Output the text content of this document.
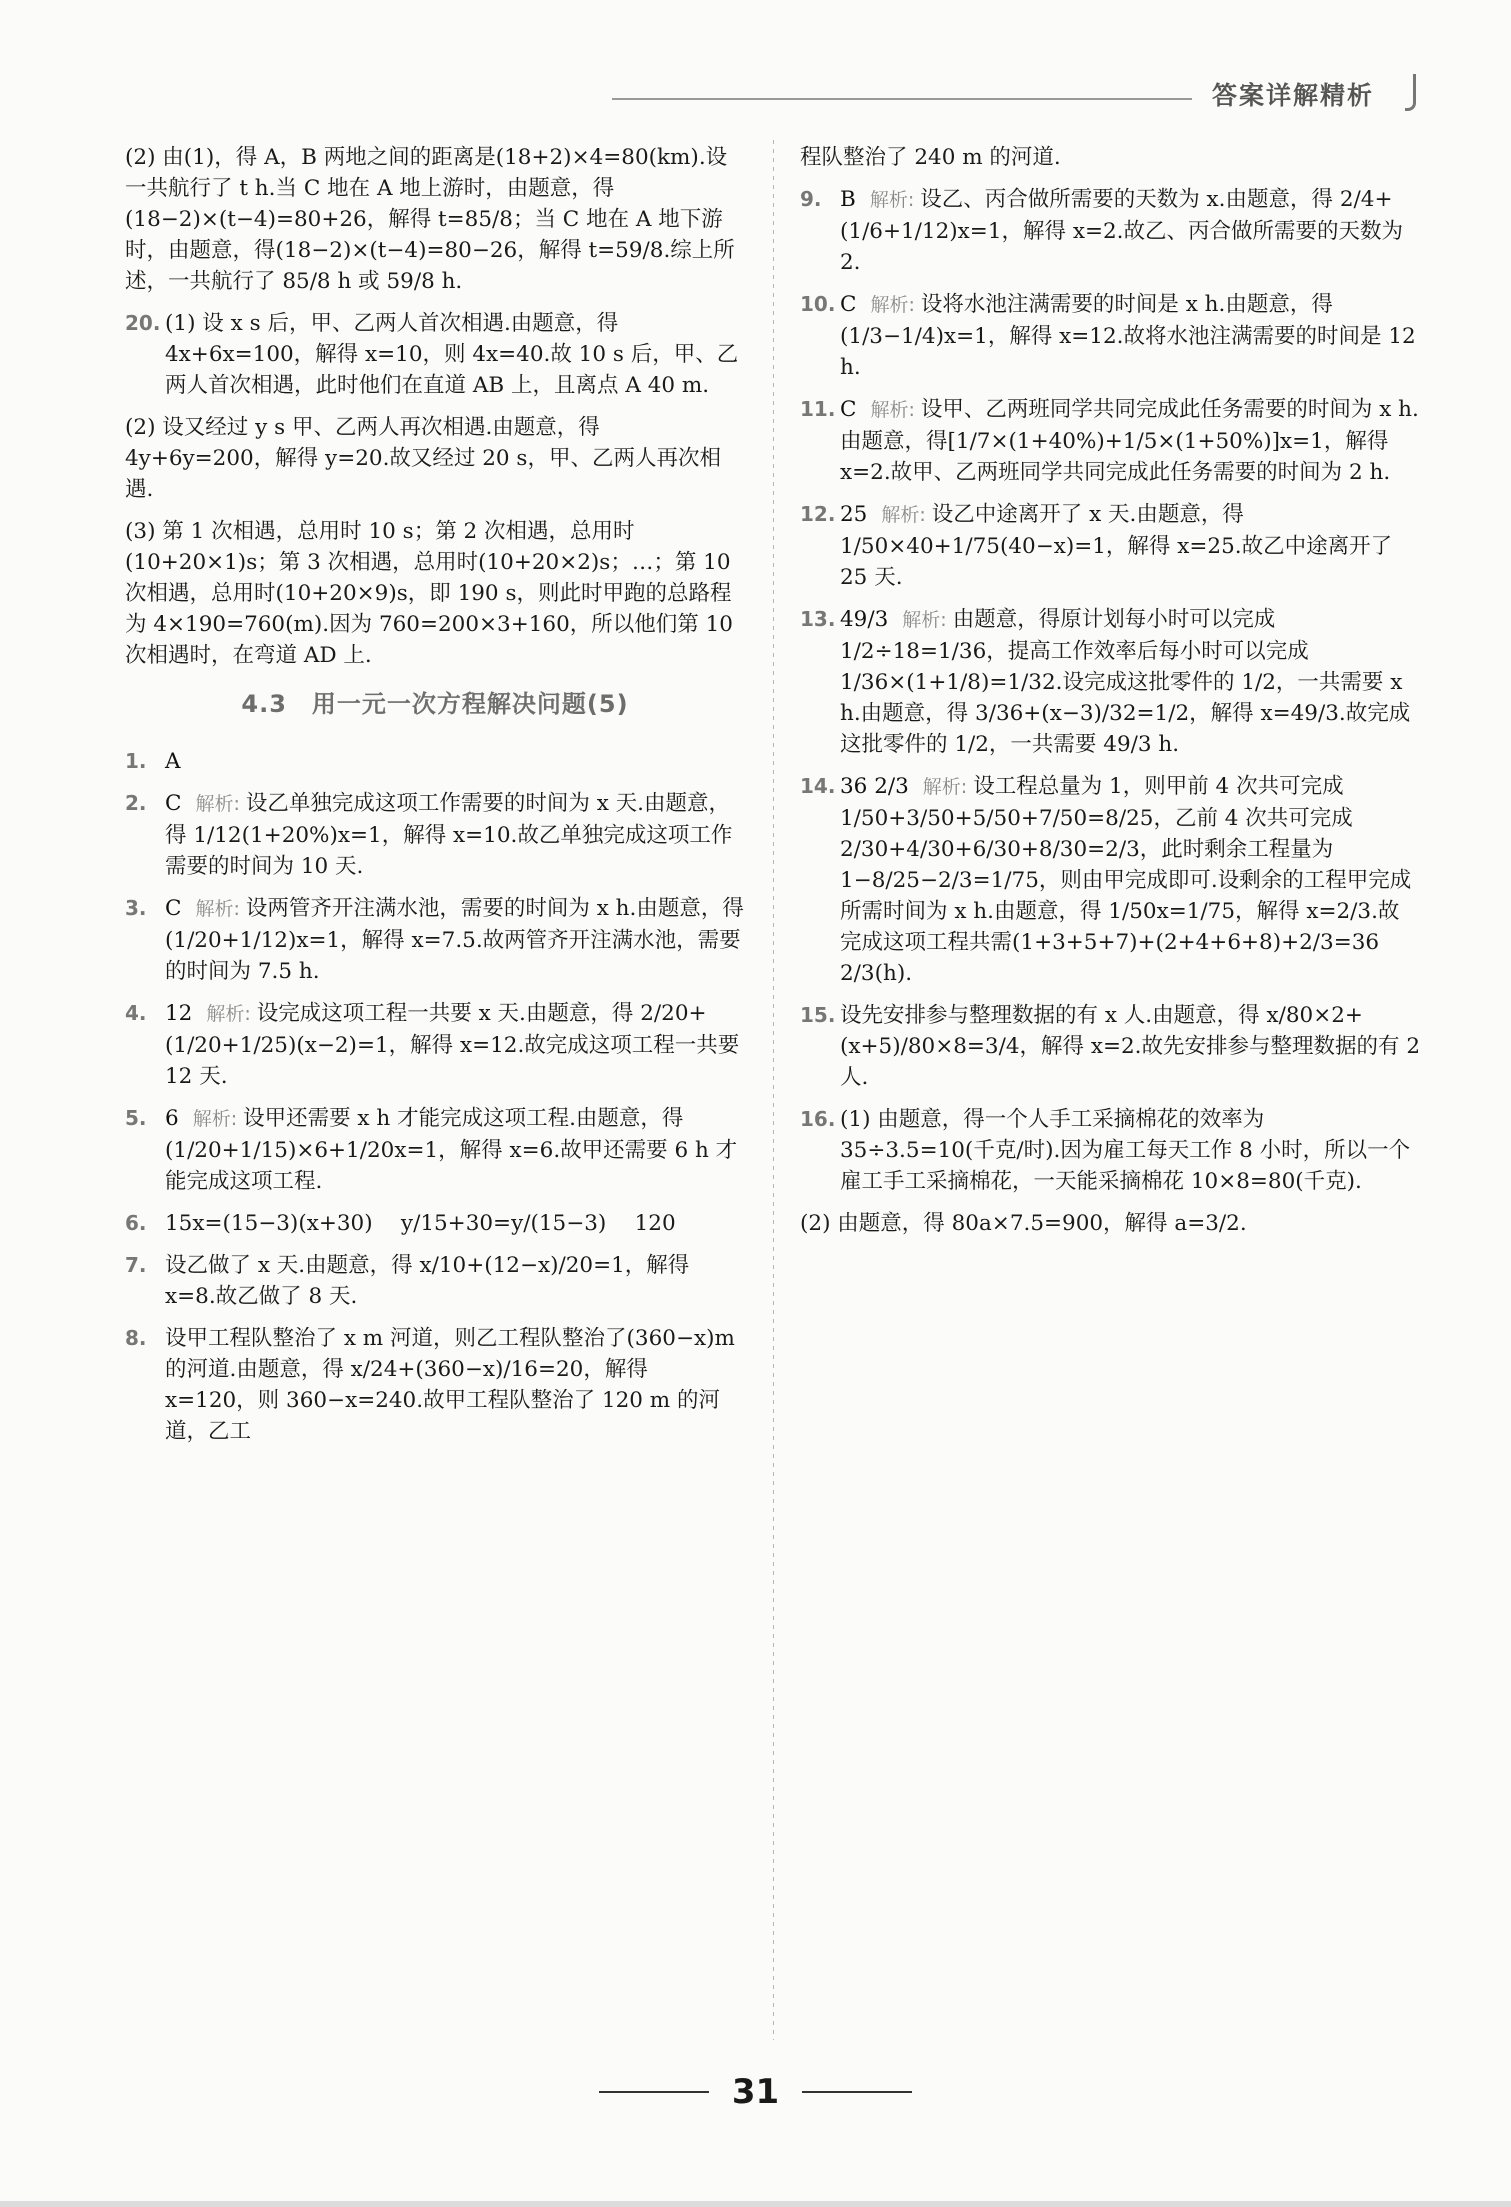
答案详解精析
(2) 由(1)，得 A，B 两地之间的距离是(18+2)×4=80(km).设一共航行了 t h.当 C 地在 A 地上游时，由题意，得(18−2)×(t−4)=80+26，解得 t=85/8；当 C 地在 A 地下游时，由题意，得(18−2)×(t−4)=80−26，解得 t=59/8.综上所述，一共航行了 85/8 h 或 59/8 h.
20. (1) 设 x s 后，甲、乙两人首次相遇.由题意，得 4x+6x=100，解得 x=10，则 4x=40.故 10 s 后，甲、乙两人首次相遇，此时他们在直道 AB 上，且离点 A 40 m.
(2) 设又经过 y s 甲、乙两人再次相遇.由题意，得 4y+6y=200，解得 y=20.故又经过 20 s，甲、乙两人再次相遇.
(3) 第 1 次相遇，总用时 10 s；第 2 次相遇，总用时(10+20×1)s；第 3 次相遇，总用时(10+20×2)s；…；第 10 次相遇，总用时(10+20×9)s，即 190 s，则此时甲跑的总路程为 4×190=760(m).因为 760=200×3+160，所以他们第 10 次相遇时，在弯道 AD 上.
4.3　用一元一次方程解决问题(5)
1. A
2. C 解析: 设乙单独完成这项工作需要的时间为 x 天.由题意，得 1/12(1+20%)x=1，解得 x=10.故乙单独完成这项工作需要的时间为 10 天.
3. C 解析: 设两管齐开注满水池，需要的时间为 x h.由题意，得(1/20+1/12)x=1，解得 x=7.5.故两管齐开注满水池，需要的时间为 7.5 h.
4. 12 解析: 设完成这项工程一共要 x 天.由题意，得 2/20+(1/20+1/25)(x−2)=1，解得 x=12.故完成这项工程一共要 12 天.
5. 6 解析: 设甲还需要 x h 才能完成这项工程.由题意，得(1/20+1/15)×6+1/20x=1，解得 x=6.故甲还需要 6 h 才能完成这项工程.
6. 15x=(15−3)(x+30)　 y/15+30=y/(15−3)　 120
7. 设乙做了 x 天.由题意，得 x/10+(12−x)/20=1，解得 x=8.故乙做了 8 天.
8. 设甲工程队整治了 x m 河道，则乙工程队整治了(360−x)m 的河道.由题意，得 x/24+(360−x)/16=20，解得 x=120，则 360−x=240.故甲工程队整治了 120 m 的河道，乙工
程队整治了 240 m 的河道.
9. B 解析: 设乙、丙合做所需要的天数为 x.由题意，得 2/4+(1/6+1/12)x=1，解得 x=2.故乙、丙合做所需要的天数为 2.
10. C 解析: 设将水池注满需要的时间是 x h.由题意，得(1/3−1/4)x=1，解得 x=12.故将水池注满需要的时间是 12 h.
11. C 解析: 设甲、乙两班同学共同完成此任务需要的时间为 x h.由题意，得[1/7×(1+40%)+1/5×(1+50%)]x=1，解得 x=2.故甲、乙两班同学共同完成此任务需要的时间为 2 h.
12. 25 解析: 设乙中途离开了 x 天.由题意，得 1/50×40+1/75(40−x)=1，解得 x=25.故乙中途离开了 25 天.
13. 49/3 解析: 由题意，得原计划每小时可以完成 1/2÷18=1/36，提高工作效率后每小时可以完成 1/36×(1+1/8)=1/32.设完成这批零件的 1/2，一共需要 x h.由题意，得 3/36+(x−3)/32=1/2，解得 x=49/3.故完成这批零件的 1/2，一共需要 49/3 h.
14. 36 2/3 解析: 设工程总量为 1，则甲前 4 次共可完成 1/50+3/50+5/50+7/50=8/25，乙前 4 次共可完成 2/30+4/30+6/30+8/30=2/3，此时剩余工程量为 1−8/25−2/3=1/75，则由甲完成即可.设剩余的工程甲完成所需时间为 x h.由题意，得 1/50x=1/75，解得 x=2/3.故完成这项工程共需(1+3+5+7)+(2+4+6+8)+2/3=36 2/3(h).
15. 设先安排参与整理数据的有 x 人.由题意，得 x/80×2+(x+5)/80×8=3/4，解得 x=2.故先安排参与整理数据的有 2 人.
16. (1) 由题意，得一个人手工采摘棉花的效率为 35÷3.5=10(千克/时).因为雇工每天工作 8 小时，所以一个雇工手工采摘棉花，一天能采摘棉花 10×8=80(千克).
(2) 由题意，得 80a×7.5=900，解得 a=3/2.
31
